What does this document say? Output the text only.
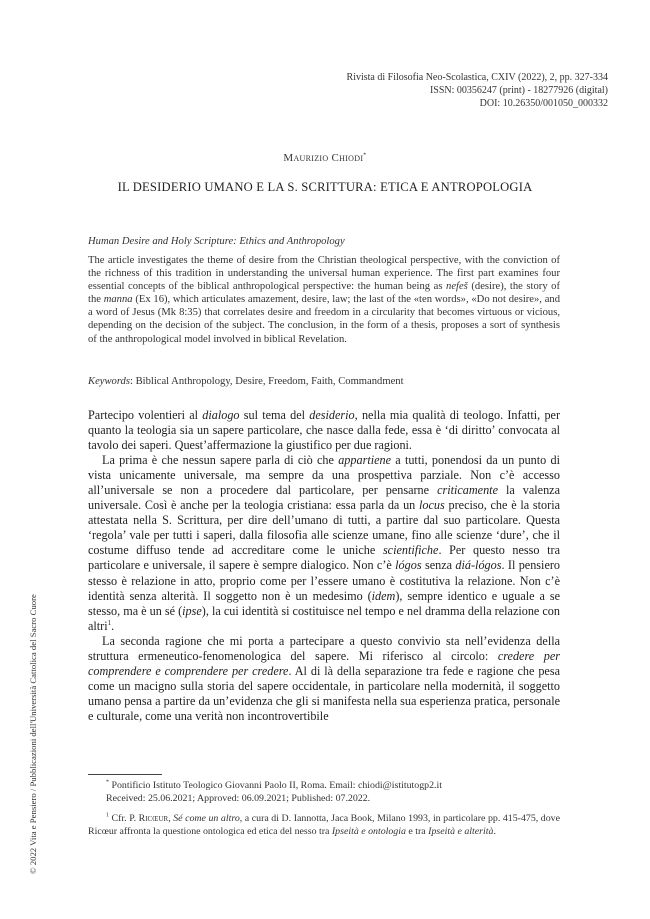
© 2022 Vita e Pensiero / Pubblicazioni dell'Università Cattolica del Sacro Cuore
Rivista di Filosofia Neo-Scolastica, CXIV (2022), 2, pp. 327-334
ISSN: 00356247 (print) - 18277926 (digital)
DOI: 10.26350/001050_000332
Maurizio Chiodi*
IL DESIDERIO UMANO E LA S. SCRITTURA: ETICA E ANTROPOLOGIA
Human Desire and Holy Scripture: Ethics and Anthropology

The article investigates the theme of desire from the Christian theological perspective, with the conviction of the richness of this tradition in understanding the universal human experience. The first part examines four essential concepts of the biblical anthropological perspective: the human being as nefeš (desire), the story of the manna (Ex 16), which articulates amazement, desire, law; the last of the «ten words», «Do not desire», and a word of Jesus (Mk 8:35) that correlates desire and freedom in a circularity that becomes virtuous or vicious, depending on the decision of the subject. The conclusion, in the form of a thesis, proposes a sort of synthesis of the anthropological model involved in biblical Revelation.

Keywords: Biblical Anthropology, Desire, Freedom, Faith, Commandment

Partecipo volentieri al dialogo sul tema del desiderio, nella mia qualità di teologo. Infatti, per quanto la teologia sia un sapere particolare, che nasce dalla fede, essa è ‘di diritto’ convocata al tavolo dei saperi. Quest’affermazione la giustifico per due ragioni.

La prima è che nessun sapere parla di ciò che appartiene a tutti, ponendosi da un punto di vista unicamente universale, ma sempre da una prospettiva parziale. Non c’è accesso all’universale se non a procedere dal particolare, per pensarne criticamente la valenza universale. Così è anche per la teologia cristiana: essa parla da un locus preciso, che è la storia attestata nella S. Scrittura, per dire dell’umano di tutti, a partire dal suo particolare. Questa ‘regola’ vale per tutti i saperi, dalla filosofia alle scienze umane, fino alle scienze ‘dure’, che il costume diffuso tende ad accreditare come le uniche scientifiche. Per questo nesso tra particolare e universale, il sapere è sempre dialogico. Non c’è lógos senza diá-lógos. Il pensiero stesso è relazione in atto, proprio come per l’essere umano è costitutiva la relazione. Non c’è identità senza alterità. Il soggetto non è un medesimo (idem), sempre identico e uguale a se stesso, ma è un sé (ipse), la cui identità si costituisce nel tempo e nel dramma della relazione con altri$^1$.

La seconda ragione che mi porta a partecipare a questo convivio sta nell’evidenza della struttura ermeneutico-fenomenologica del sapere. Mi riferisco al circolo: credere per comprendere e comprendere per credere. Al di là della separazione tra fede e ragione che pesa come un macigno sulla storia del sapere occidentale, in particolare nella modernità, il soggetto umano pensa a partire da un’evidenza che gli si manifesta nella sua esperienza pratica, personale e culturale, come una verità non incontrovertibile

* Pontificio Istituto Teologico Giovanni Paolo II, Roma. Email: chiodi@istitutogp2.it
Received: 25.06.2021; Approved: 06.09.2021; Published: 07.2022.
$^1$ Cfr. P. Ricœur, Sé come un altro, a cura di D. Iannotta, Jaca Book, Milano 1993, in particolare pp. 415-475, dove Ricœur affronta la questione ontologica ed etica del nesso tra Ipseità e ontologia e tra Ipseità e alterità.
